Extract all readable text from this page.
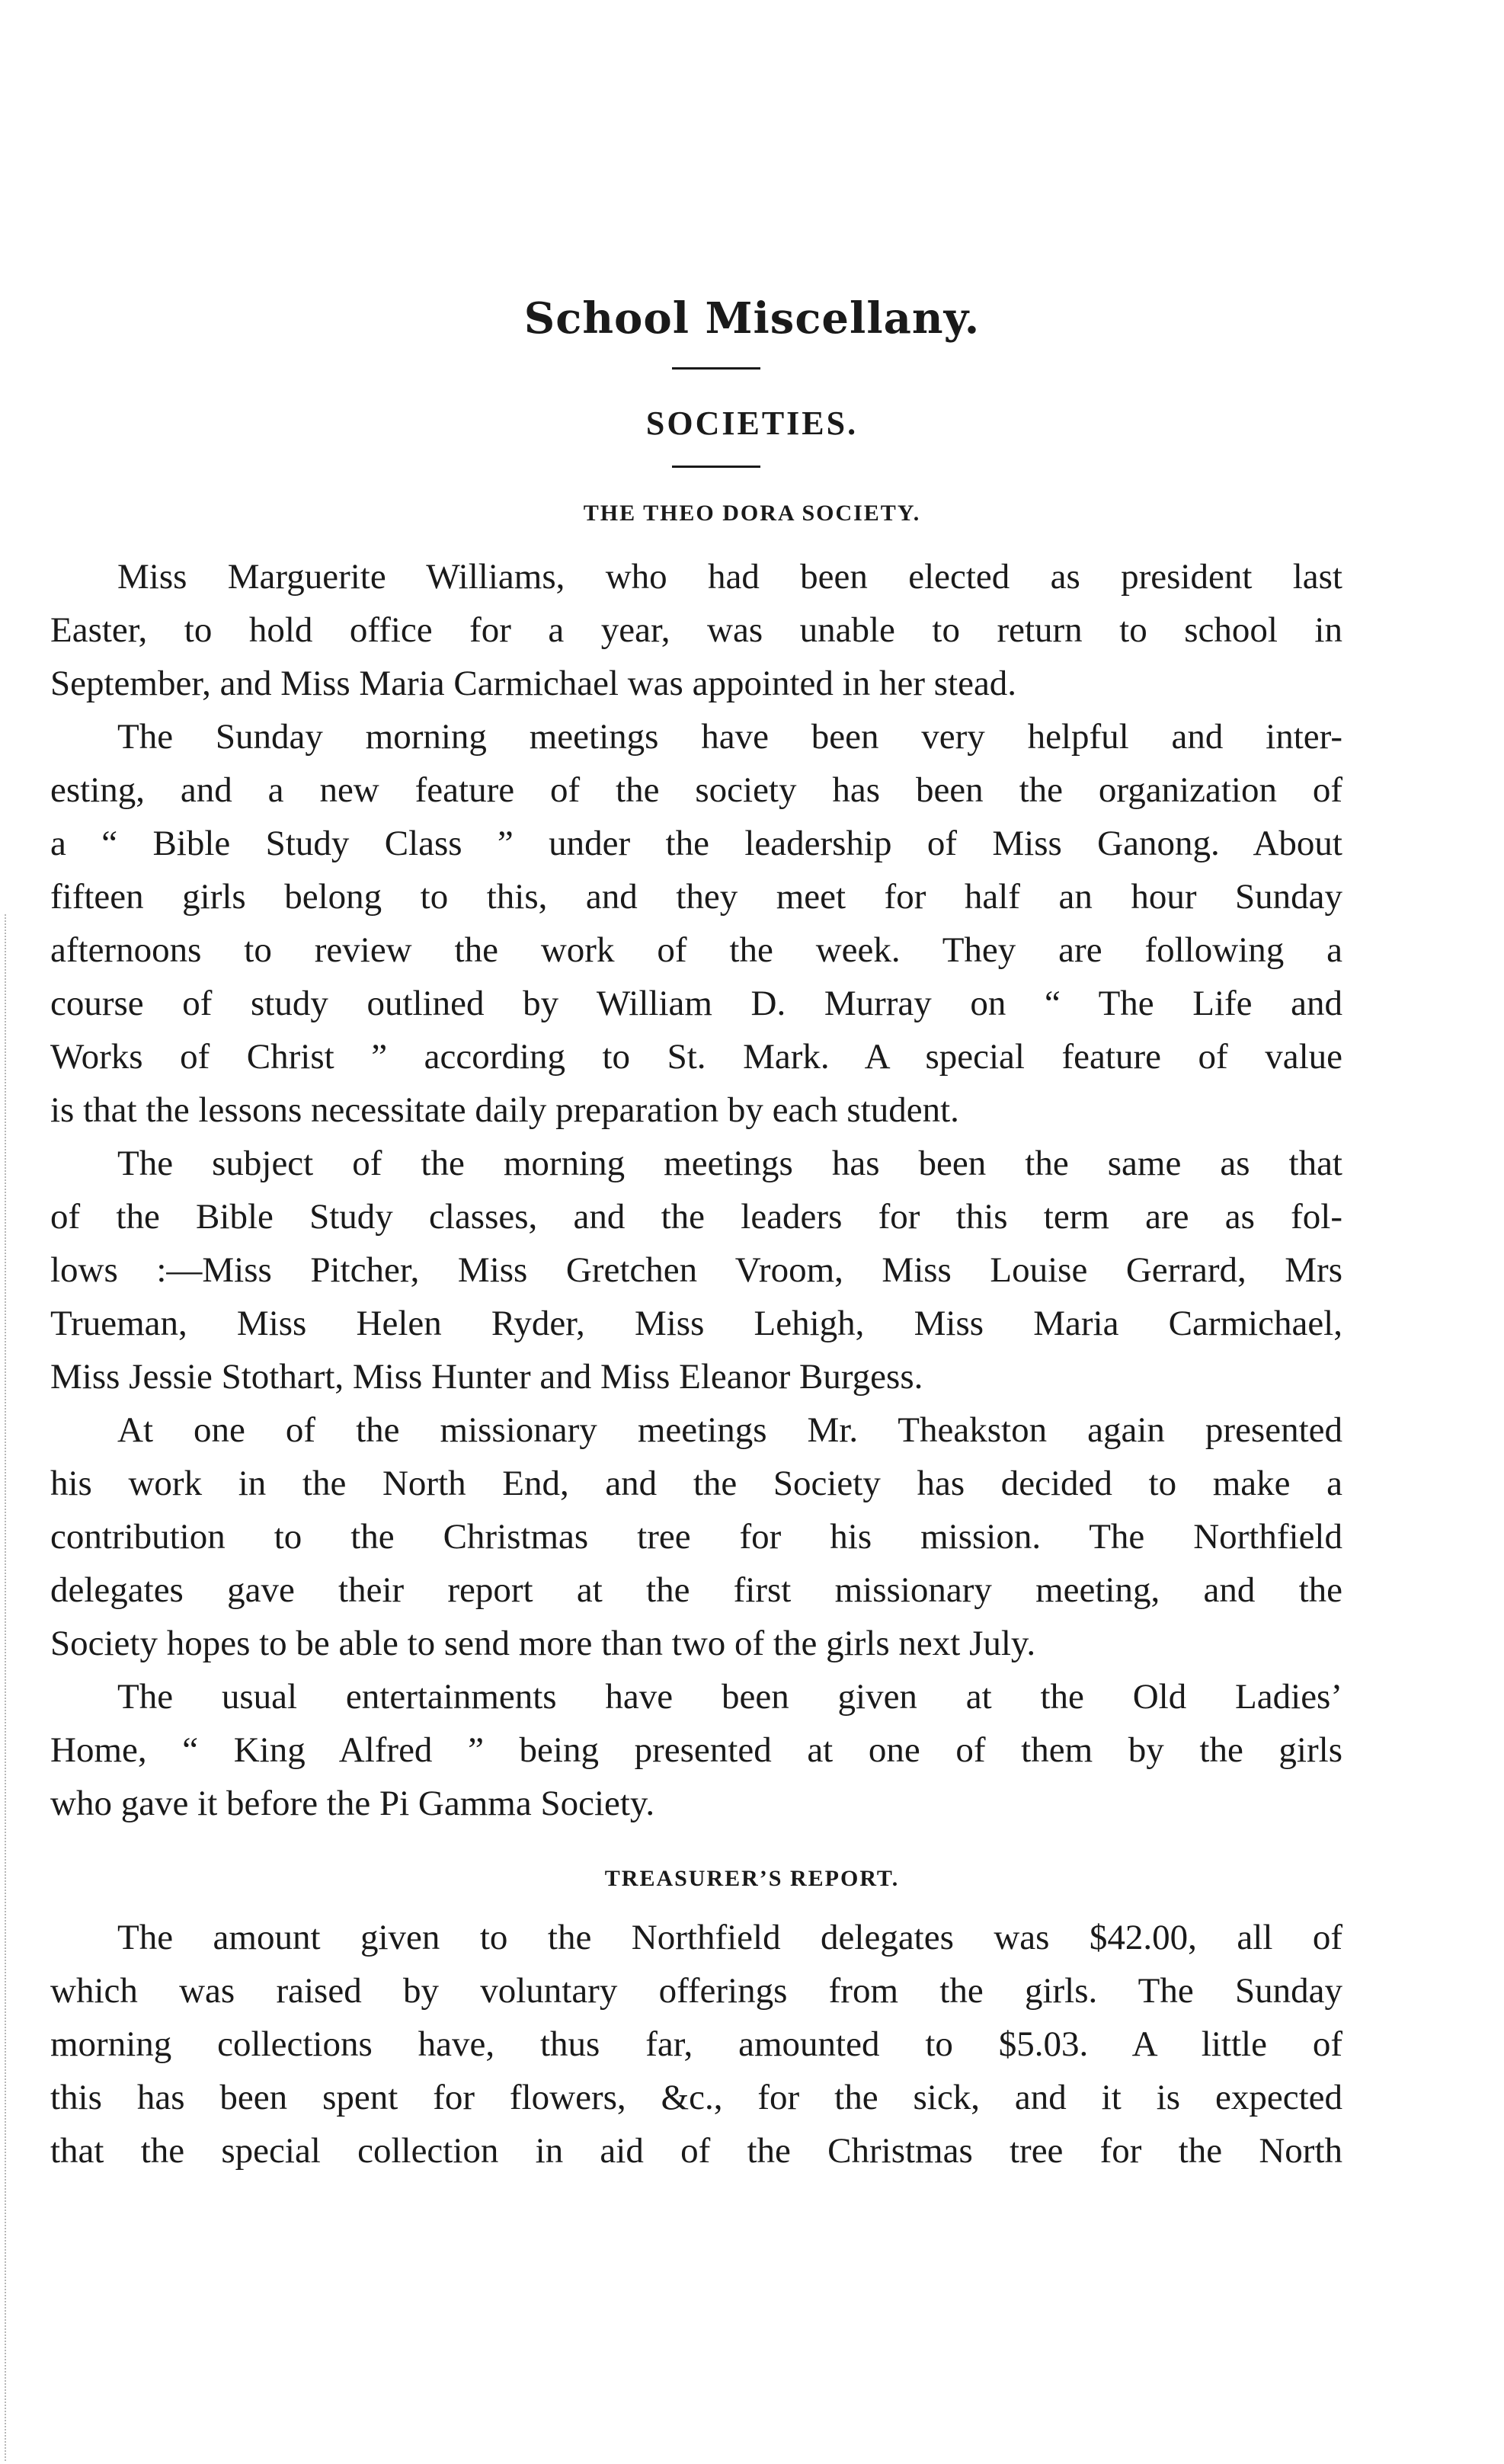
School Miscellany.
SOCIETIES.
THE THEO DORA SOCIETY.
Miss Marguerite Williams, who had been elected as president last
Easter, to hold office for a year, was unable to return to school in
September, and Miss Maria Carmichael was appointed in her stead.
The Sunday morning meetings have been very helpful and inter-
esting, and a new feature of the society has been the organization of
a “ Bible Study Class ” under the leadership of Miss Ganong. About
fifteen girls belong to this, and they meet for half an hour Sunday
afternoons to review the work of the week. They are following a
course of study outlined by William D. Murray on “ The Life and
Works of Christ ” according to St. Mark. A special feature of value
is that the lessons necessitate daily preparation by each student.
The subject of the morning meetings has been the same as that
of the Bible Study classes, and the leaders for this term are as fol-
lows :—Miss Pitcher, Miss Gretchen Vroom, Miss Louise Gerrard, Mrs
Trueman, Miss Helen Ryder, Miss Lehigh, Miss Maria Carmichael,
Miss Jessie Stothart, Miss Hunter and Miss Eleanor Burgess.
At one of the missionary meetings Mr. Theakston again presented
his work in the North End, and the Society has decided to make a
contribution to the Christmas tree for his mission. The Northfield
delegates gave their report at the first missionary meeting, and the
Society hopes to be able to send more than two of the girls next July.
The usual entertainments have been given at the Old Ladies’
Home, “ King Alfred ” being presented at one of them by the girls
who gave it before the Pi Gamma Society.
TREASURER’S REPORT.
The amount given to the Northfield delegates was $42.00, all of
which was raised by voluntary offerings from the girls. The Sunday
morning collections have, thus far, amounted to $5.03. A little of
this has been spent for flowers, &c., for the sick, and it is expected
that the special collection in aid of the Christmas tree for the North
